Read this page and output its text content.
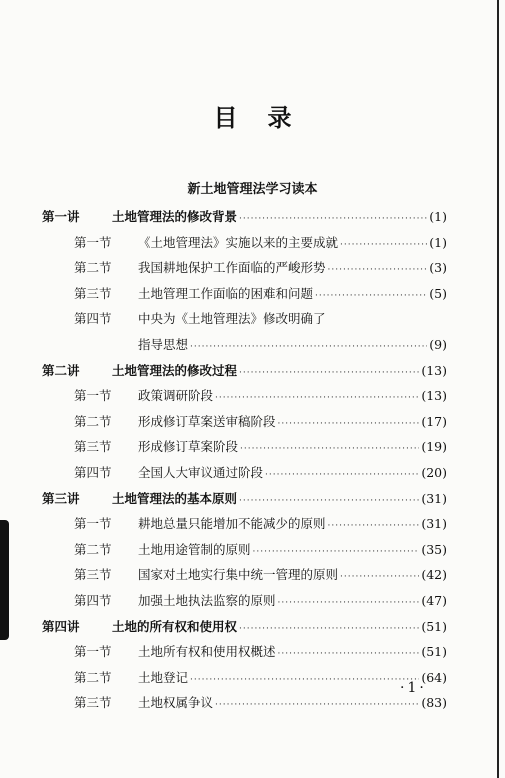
目录
新土地管理法学习读本
第一讲	土地管理法的修改背景 ·····	(1)
第一节	《土地管理法》实施以来的主要成就 ·····	(1)
第二节	我国耕地保护工作面临的严峻形势 ·····	(3)
第三节	土地管理工作面临的困难和问题 ·····	(5)
第四节	中央为《土地管理法》修改明确了
指导思想 ·····	(9)
第二讲	土地管理法的修改过程 ·····	(13)
第一节	政策调研阶段 ·····	(13)
第二节	形成修订草案送审稿阶段 ·····	(17)
第三节	形成修订草案阶段 ·····	(19)
第四节	全国人大审议通过阶段 ·····	(20)
第三讲	土地管理法的基本原则 ·····	(31)
第一节	耕地总量只能增加不能减少的原则 ·····	(31)
第二节	土地用途管制的原则 ·····	(35)
第三节	国家对土地实行集中统一管理的原则 ·····	(42)
第四节	加强土地执法监察的原则 ·····	(47)
第四讲	土地的所有权和使用权 ·····	(51)
第一节	土地所有权和使用权概述 ·····	(51)
第二节	土地登记 ·····	(64)
第三节	土地权属争议 ·····	(83)
·1·
